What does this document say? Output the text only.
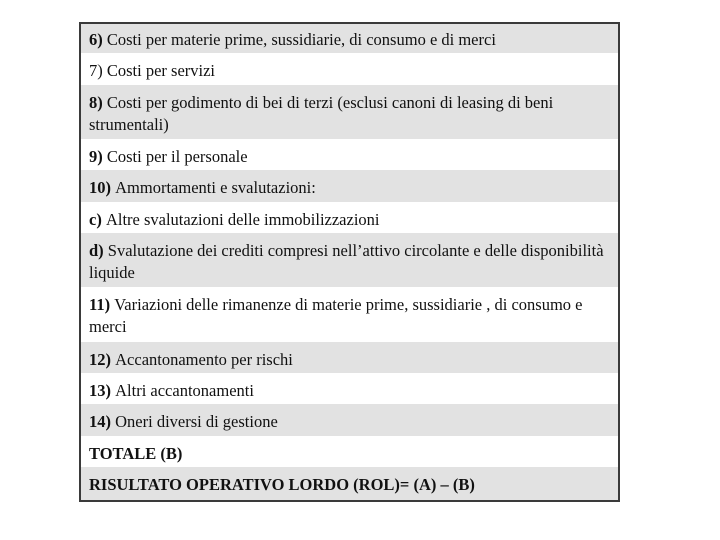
6) Costi per materie prime, sussidiarie, di consumo e di merci
7) Costi per servizi
8) Costi per godimento di bei di terzi (esclusi canoni di leasing di beni strumentali)
9) Costi per il personale
10) Ammortamenti e svalutazioni:
c) Altre svalutazioni delle immobilizzazioni
d) Svalutazione dei crediti compresi nell’attivo circolante e delle disponibilità liquide
11) Variazioni delle rimanenze di materie prime, sussidiarie , di consumo e merci
12) Accantonamento per rischi
13) Altri accantonamenti
14) Oneri diversi di gestione
TOTALE (B)
RISULTATO OPERATIVO LORDO (ROL)= (A) – (B)
